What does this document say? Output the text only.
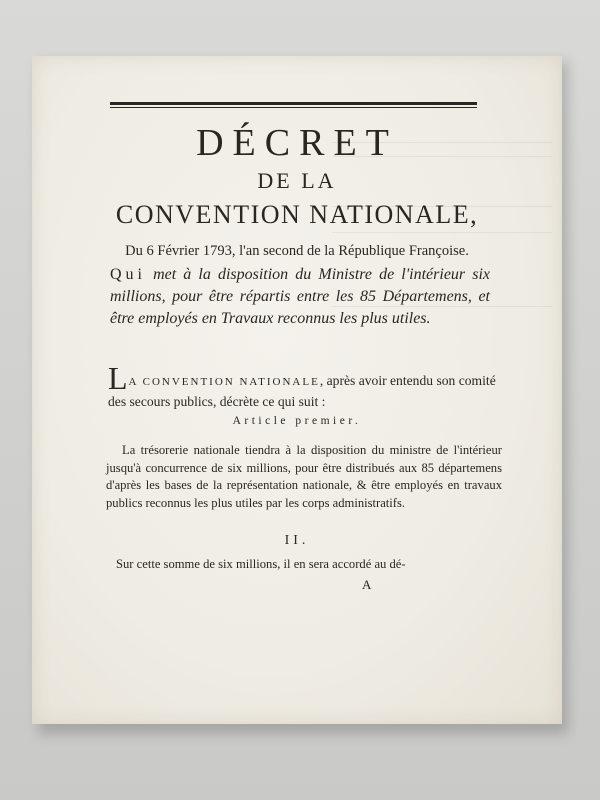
DÉCRET
DE LA
CONVENTION NATIONALE,
Du 6 Février 1793, l'an second de la République Françoise.
Qui met à la disposition du Ministre de l'intérieur six millions, pour être répartis entre les 85 Départemens, et être employés en Travaux reconnus les plus utiles.
LA CONVENTION NATIONALE, après avoir entendu son comité des secours publics, décrète ce qui suit :
Article premier.
La trésorerie nationale tiendra à la disposition du ministre de l'intérieur jusqu'à concurrence de six millions, pour être distribués aux 85 départemens d'après les bases de la représentation nationale, & être employés en travaux publics reconnus les plus utiles par les corps administratifs.
II.
Sur cette somme de six millions, il en sera accordé au dé-
A
